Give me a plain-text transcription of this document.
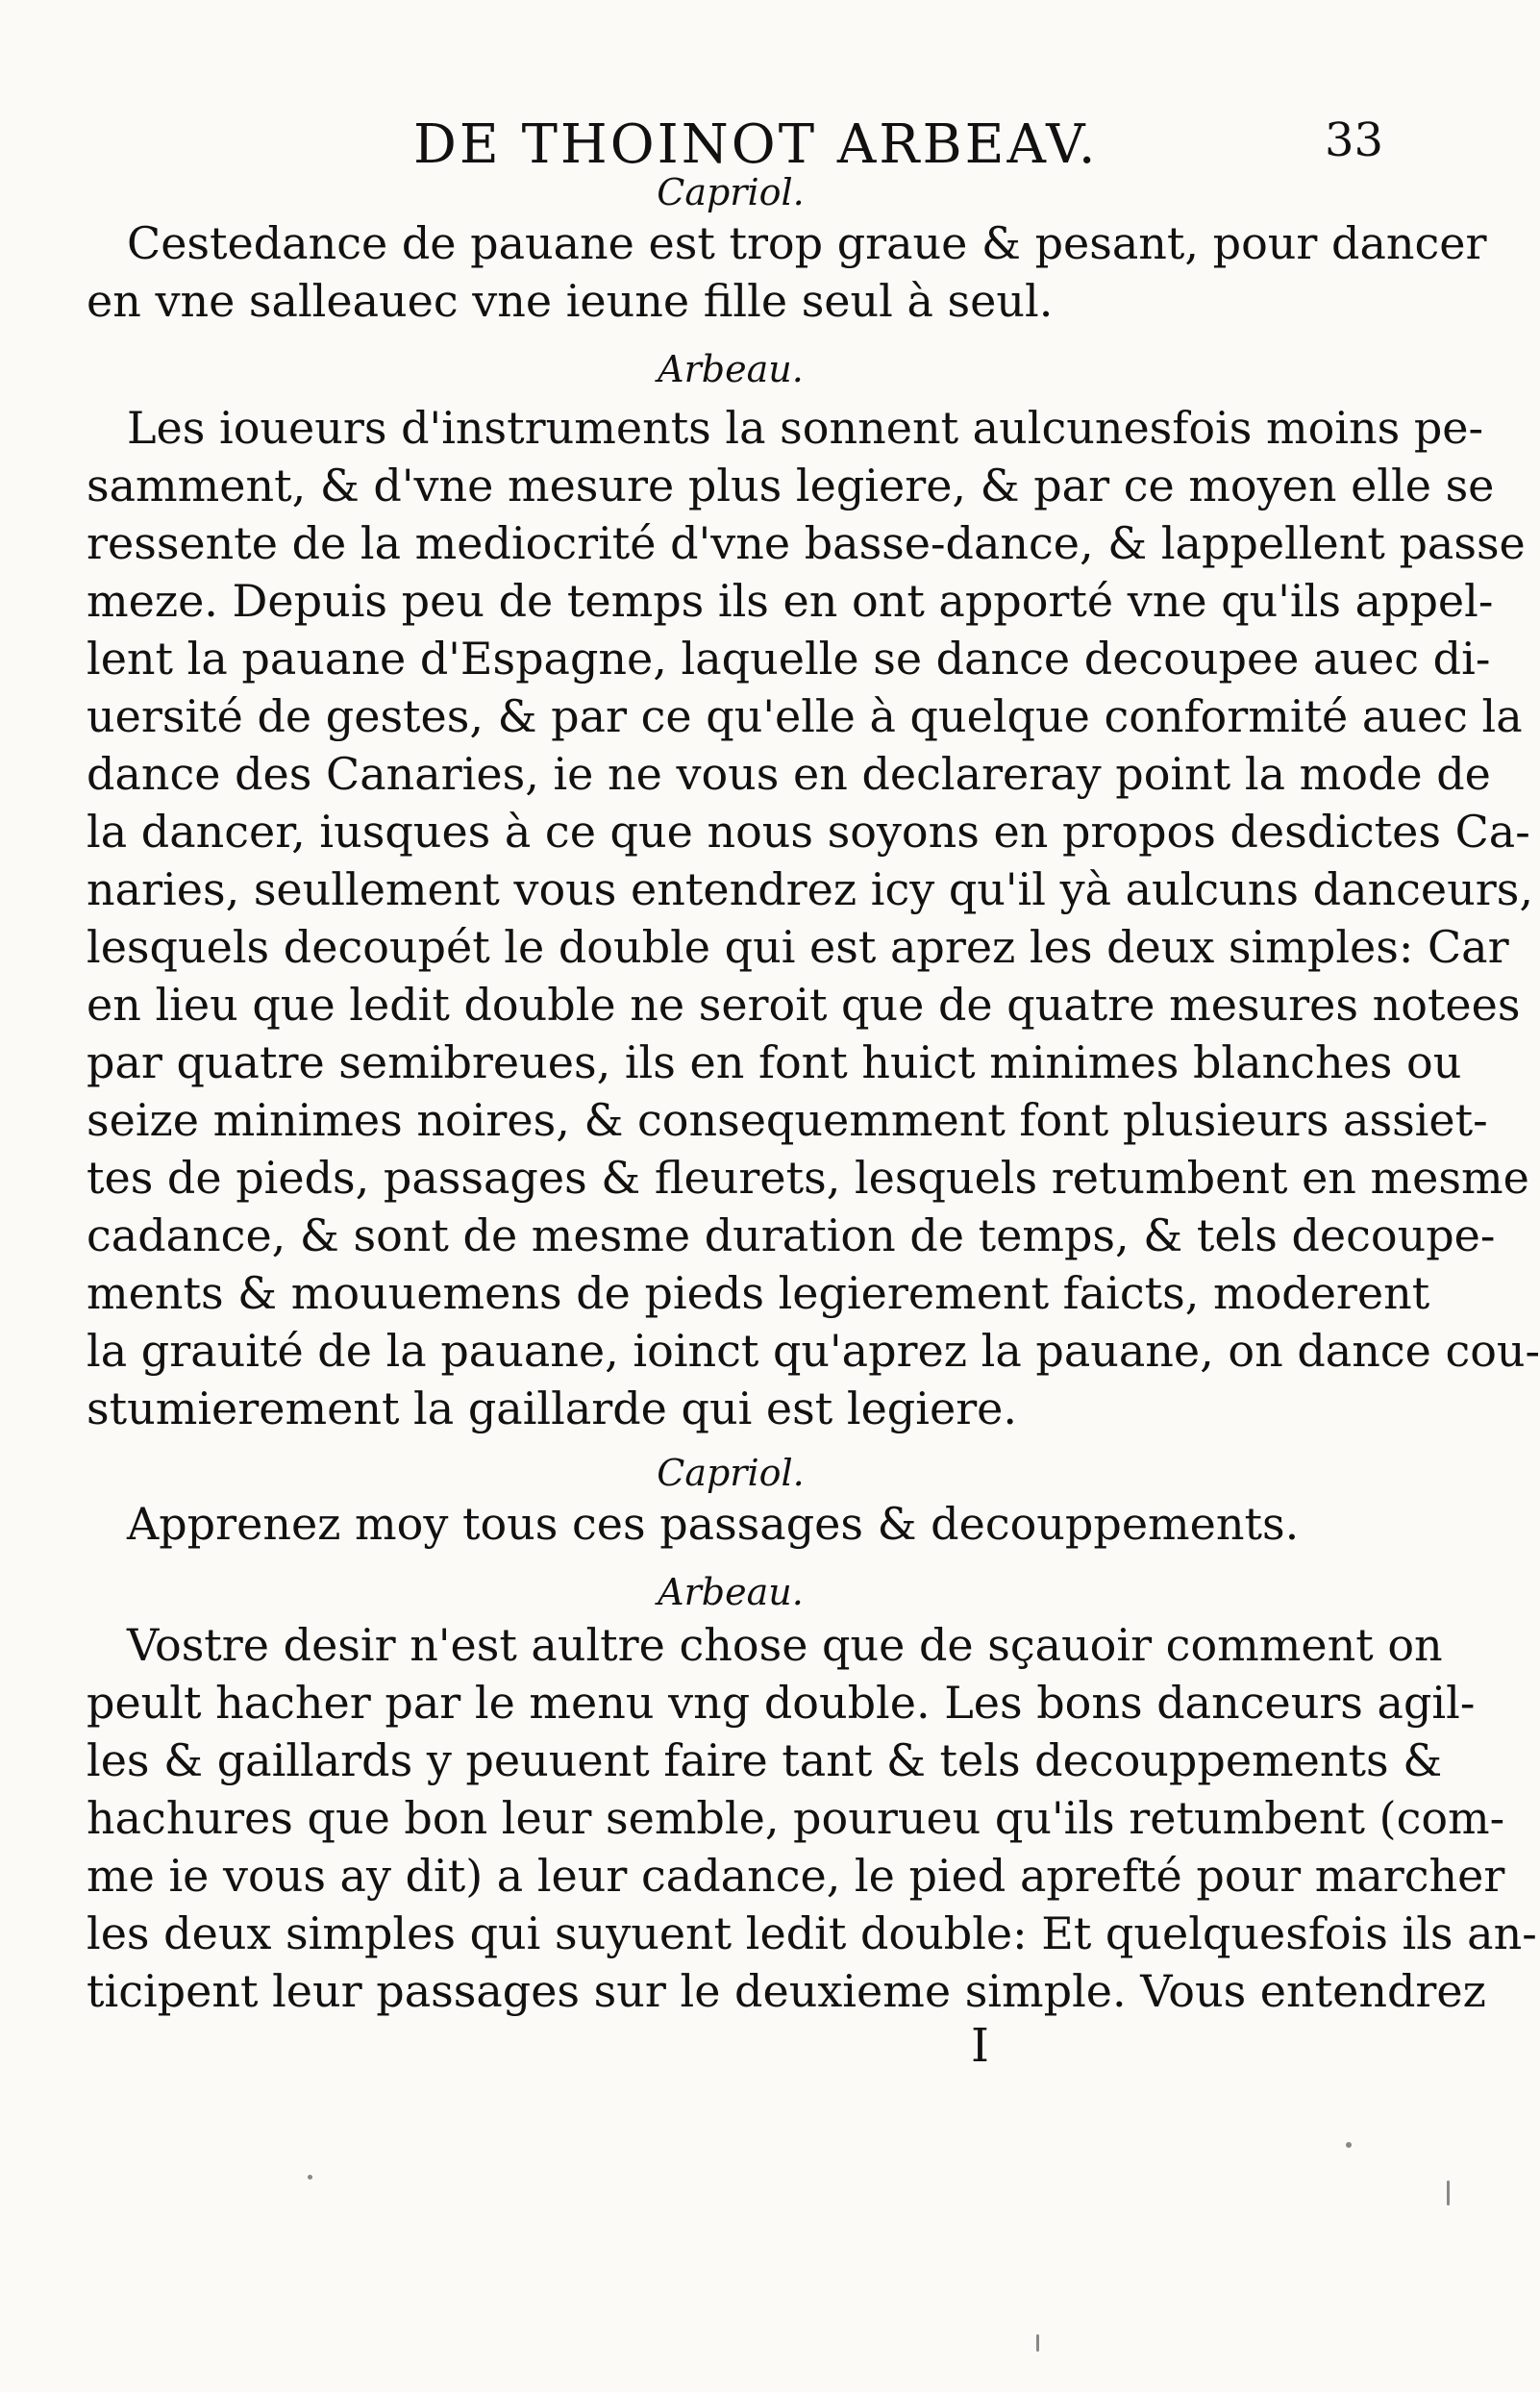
DE THOINOT ARBEAV.	33
Capriol.
Cestedance de pauane est trop graue & pesant, pour dancer
en vne salleauec vne ieune fille seul à seul.
Arbeau.
Les ioueurs d'instruments la sonnent aulcunesfois moins pe-
samment, & d'vne mesure plus legiere, & par ce moyen elle se
ressente de la mediocrité d'vne basse-dance, & lappellent passe
meze. Depuis peu de temps ils en ont apporté vne qu'ils appel-
lent la pauane d'Espagne, laquelle se dance decoupee auec di-
uersité de gestes, & par ce qu'elle à quelque conformité auec la
dance des Canaries, ie ne vous en declareray point la mode de
la dancer, iusques à ce que nous soyons en propos desdictes Ca-
naries, seullement vous entendrez icy qu'il yà aulcuns danceurs,
lesquels decoupét le double qui est aprez les deux simples: Car
en lieu que ledit double ne seroit que de quatre mesures notees
par quatre semibreues, ils en font huict minimes blanches ou
seize minimes noires, & consequemment font plusieurs assiet-
tes de pieds, passages & fleurets, lesquels retumbent en mesme
cadance, & sont de mesme duration de temps, & tels decoupe-
ments & mouuemens de pieds legierement faicts, moderent
la grauité de la pauane, ioinct qu'aprez la pauane, on dance cou-
stumierement la gaillarde qui est legiere.
Capriol.
Apprenez moy tous ces passages & decouppements.
Arbeau.
Vostre desir n'est aultre chose que de sçauoir comment on
peult hacher par le menu vng double. Les bons danceurs agil-
les & gaillards y peuuent faire tant & tels decouppements &
hachures que bon leur semble, pourueu qu'ils retumbent (com-
me ie vous ay dit) a leur cadance, le pied aprefté pour marcher
les deux simples qui suyuent ledit double: Et quelquesfois ils an-
ticipent leur passages sur le deuxieme simple. Vous entendrez
I
